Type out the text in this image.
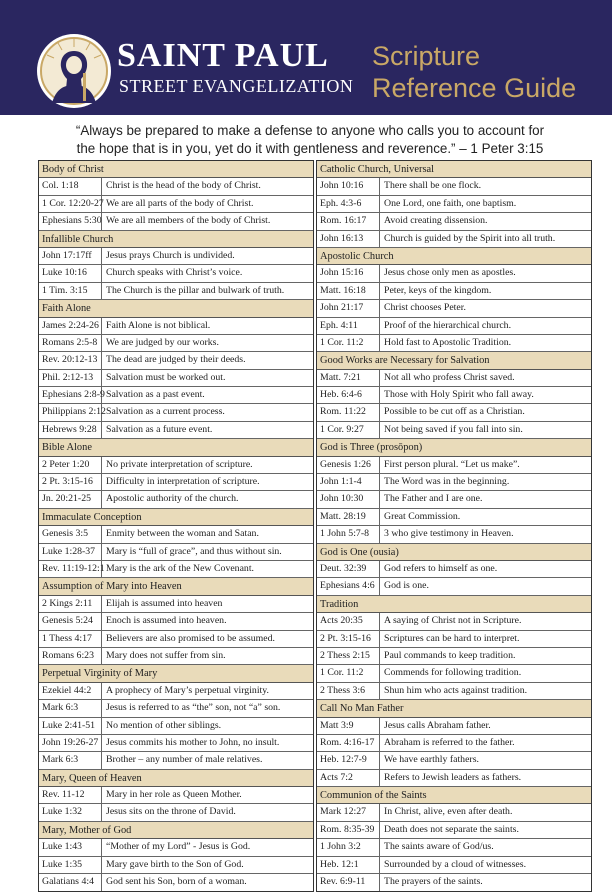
SAINT PAUL
STREET EVANGELIZATION
Scripture
Reference Guide
“Always be prepared to make a defense to anyone who calls you to account for
the hope that is in you, yet do it with gentleness and reverence.” – 1 Peter 3:15
Body of Christ
Col. 1:18	Christ is the head of the body of Christ.
1 Cor. 12:20-27 We are all parts of the body of Christ.
Ephesians 5:30 We are all members of the body of Christ.
Infallible Church
John 17:17ff	Jesus prays Church is undivided.
Luke 10:16	Church speaks with Christ’s voice.
1 Tim. 3:15	The Church is the pillar and bulwark of truth.
Faith Alone
James 2:24-26 Faith Alone is not biblical.
Romans 2:5-8 We are judged by our works.
Rev. 20:12-13 The dead are judged by their deeds.
Phil. 2:12-13	Salvation must be worked out.
Ephesians 2:8-9 Salvation as a past event.
Philippians 2:12 Salvation as a current process.
Hebrews 9:28 Salvation as a future event.
Bible Alone
2 Peter 1:20	No private interpretation of scripture.
2 Pt. 3:15-16	Difficulty in interpretation of scripture.
Jn. 20:21-25	Apostolic authority of the church.
Immaculate Conception
Genesis 3:5	Enmity between the woman and Satan.
Luke 1:28-37	Mary is “full of grace”, and thus without sin.
Rev. 11:19-12:1 Mary is the ark of the New Covenant.
Assumption of Mary into Heaven
2 Kings 2:11	Elijah is assumed into heaven
Genesis 5:24	Enoch is assumed into heaven.
1 Thess 4:17	Believers are also promised to be assumed.
Romans 6:23	Mary does not suffer from sin.
Perpetual Virginity of Mary
Ezekiel 44:2	A prophecy of Mary’s perpetual virginity.
Mark 6:3	Jesus is referred to as “the” son, not “a” son.
Luke 2:41-51	No mention of other siblings.
John 19:26-27 Jesus commits his mother to John, no insult.
Mark 6:3	Brother – any number of male relatives.
Mary, Queen of Heaven
Rev. 11-12	Mary in her role as Queen Mother.
Luke 1:32	Jesus sits on the throne of David.
Mary, Mother of God
Luke 1:43	“Mother of my Lord” - Jesus is God.
Luke 1:35	Mary gave birth to the Son of God.
Galatians 4:4	God sent his Son, born of a woman.
Catholic Church, Universal
John 10:16	There shall be one flock.
Eph. 4:3-6	One Lord, one faith, one baptism.
Rom. 16:17	Avoid creating dissension.
John 16:13	Church is guided by the Spirit into all truth.
Apostolic Church
John 15:16	Jesus chose only men as apostles.
Matt. 16:18	Peter, keys of the kingdom.
John 21:17	Christ chooses Peter.
Eph. 4:11	Proof of the hierarchical church.
1 Cor. 11:2	Hold fast to Apostolic Tradition.
Good Works are Necessary for Salvation
Matt. 7:21	Not all who profess Christ saved.
Heb. 6:4-6	Those with Holy Spirit who fall away.
Rom. 11:22	Possible to be cut off as a Christian.
1 Cor. 9:27	Not being saved if you fall into sin.
God is Three (prosōpon)
Genesis 1:26	First person plural. “Let us make”.
John 1:1-4	The Word was in the beginning.
John 10:30	The Father and I are one.
Matt. 28:19	Great Commission.
1 John 5:7-8	3 who give testimony in Heaven.
God is One (ousia)
Deut. 32:39	God refers to himself as one.
Ephesians 4:6 God is one.
Tradition
Acts 20:35	A saying of Christ not in Scripture.
2 Pt. 3:15-16	Scriptures can be hard to interpret.
2 Thess 2:15	Paul commands to keep tradition.
1 Cor. 11:2	Commends for following tradition.
2 Thess 3:6	Shun him who acts against tradition.
Call No Man Father
Matt 3:9	Jesus calls Abraham father.
Rom. 4:16-17 Abraham is referred to the father.
Heb. 12:7-9	We have earthly fathers.
Acts 7:2	Refers to Jewish leaders as fathers.
Communion of the Saints
Mark 12:27	In Christ, alive, even after death.
Rom. 8:35-39 Death does not separate the saints.
1 John 3:2	The saints aware of God/us.
Heb. 12:1	Surrounded by a cloud of witnesses.
Rev. 6:9-11	The prayers of the saints.
